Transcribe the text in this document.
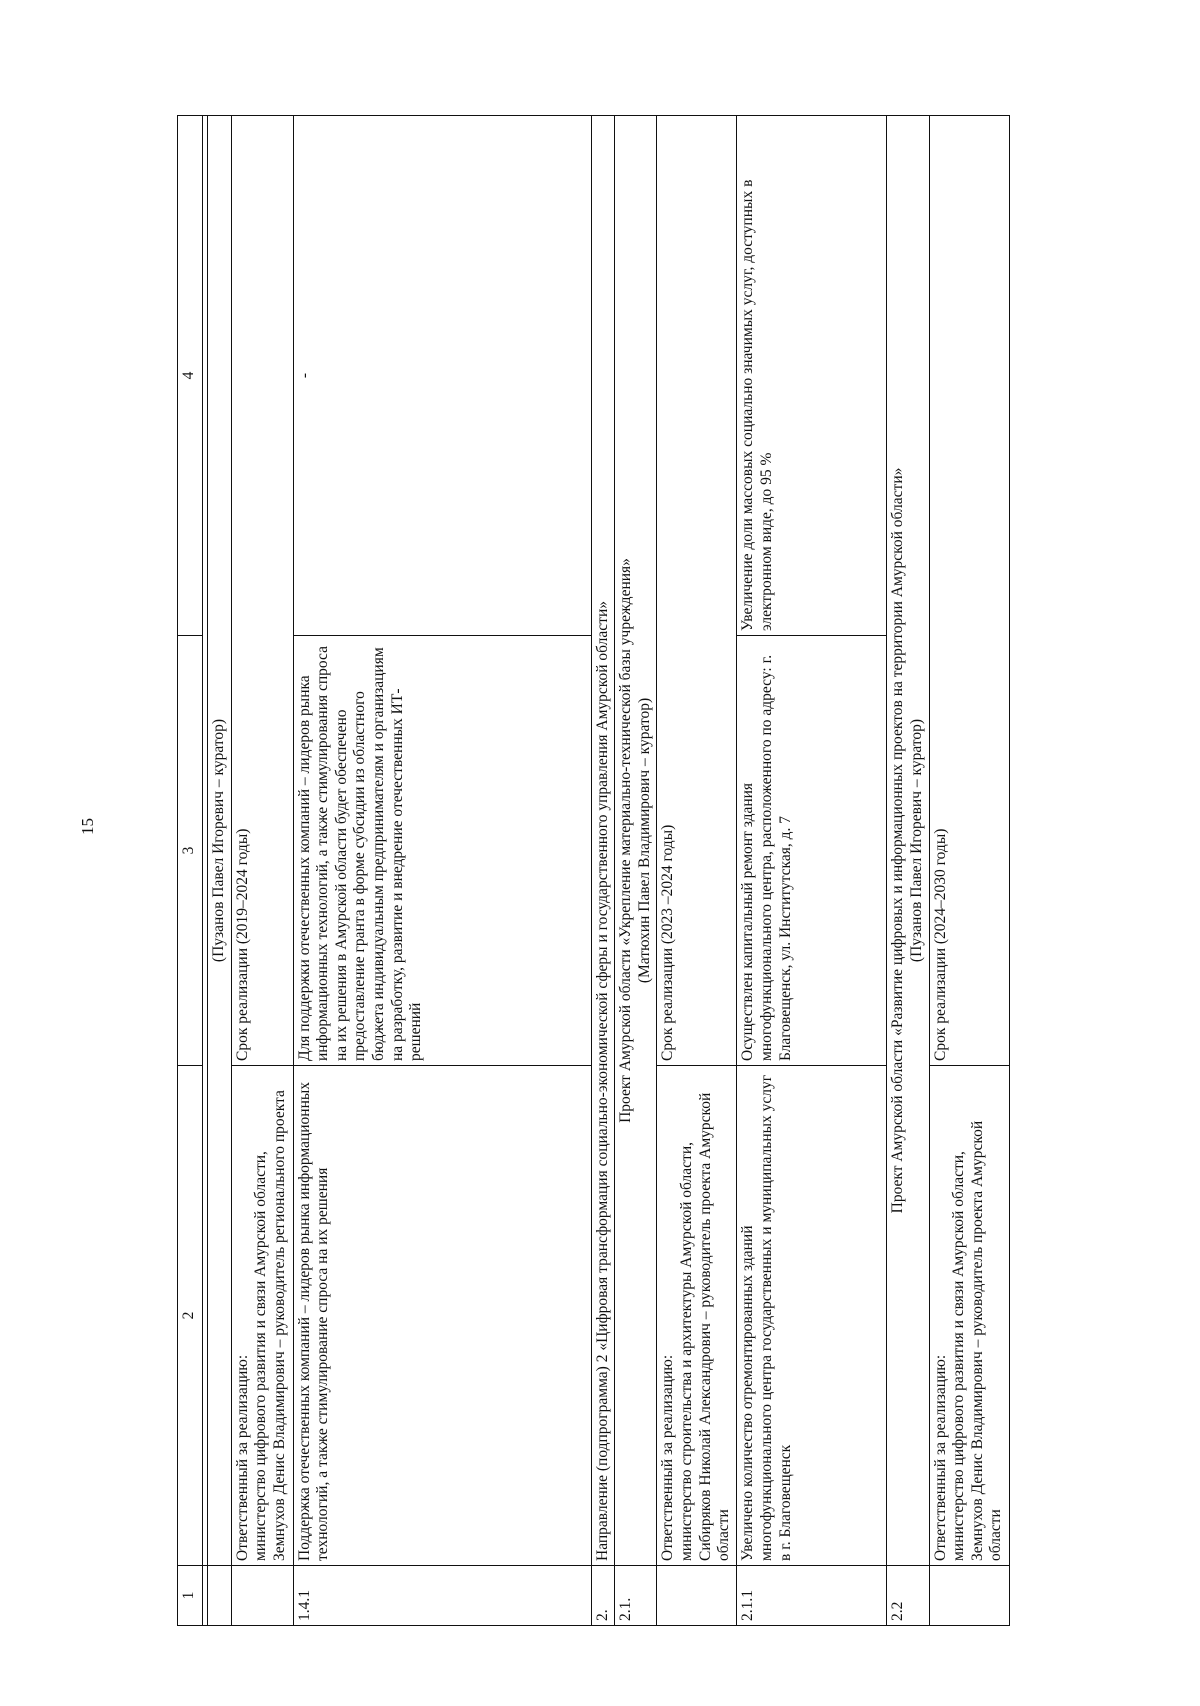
15
1	2	3	4

	(Пузанов Павел Игоревич – куратор)		

	Ответственный за реализацию: министерство цифрового развития и связи Амурской области, Земнухов Денис Владимирович – руководитель регионального проекта	Срок реализации (2019–2024 годы)	
1.4.1	Поддержка отечественных компаний – лидеров рынка информационных технологий, а также стимулирование спроса на их решения	Для поддержки отечественных компаний – лидеров рынка информационных технологий, а также стимулирования спроса на их решения в Амурской области будет обеспечено предоставление гранта в форме субсидии из областного бюджета индивидуальным предпринимателям и организациям на разработку, развитие и внедрение отечественных ИТ-решений	-
2.	Направление (подпрограмма) 2 «Цифровая трансформация социально-экономической сферы и государственного управления Амурской области»		
2.1.	Проект Амурской области «Укрепление материально-технической базы учреждения» (Матюхин Павел Владимирович – куратор)		

	Ответственный за реализацию: министерство строительства и архитектуры Амурской области, Сибиряков Николай Александрович – руководитель проекта Амурской области	Срок реализации (2023 –2024 годы)	
2.1.1	Увеличено количество отремонтированных зданий многофункционального центра государственных и муниципальных услуг в г. Благовещенск	Осуществлен капитальный ремонт здания многофункционального центра, расположенного по адресу: г. Благовещенск, ул. Институтская, д. 7	Увеличение доли массовых социально значимых услуг, доступных в электронном виде, до 95 %
2.2	Проект Амурской области «Развитие цифровых и информационных проектов на территории Амурской области» (Пузанов Павел Игоревич – куратор)		

	Ответственный за реализацию: министерство цифрового развития и связи Амурской области, Земнухов Денис Владимирович – руководитель проекта Амурской области	Срок реализации (2024–2030 годы)	
